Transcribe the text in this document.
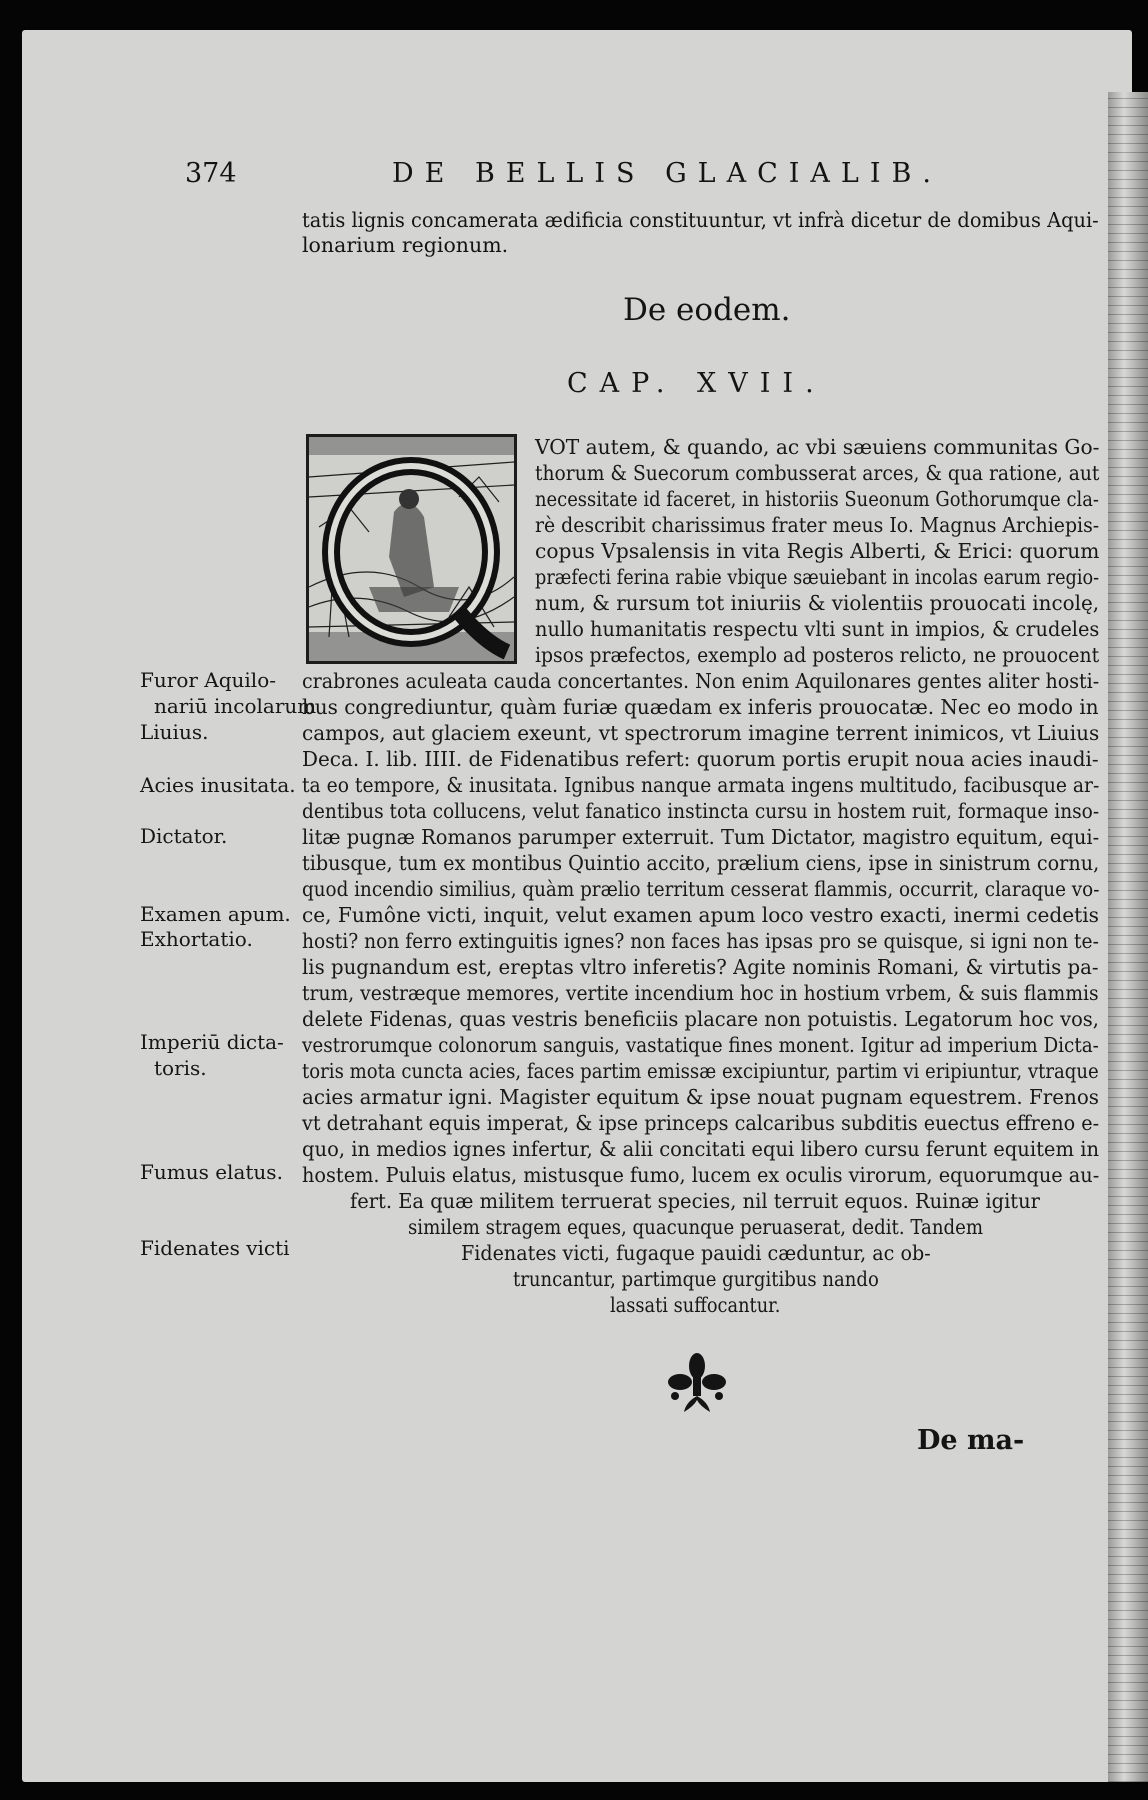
374	DE BELLIS GLACIALIB.
tatis lignis concamerata ædificia constituuntur, vt infrà dicetur de domibus Aqui-
lonarium regionum.
De eodem.
CAP. XVII.
VOT autem, & quando, ac vbi sæuiens communitas Go-
thorum & Suecorum combusserat arces, & qua ratione, aut
necessitate id faceret, in historiis Sueonum Gothorumque cla-
rè describit charissimus frater meus Io. Magnus Archiepis-
copus Vpsalensis in vita Regis Alberti, & Erici: quorum
præfecti ferina rabie vbique sæuiebant in incolas earum regio-
num, & rursum tot iniuriis & violentiis prouocati incolę,
nullo humanitatis respectu vlti sunt in impios, & crudeles
ipsos præfectos, exemplo ad posteros relicto, ne prouocent
crabrones aculeata cauda concertantes. Non enim Aquilonares gentes aliter hosti-
bus congrediuntur, quàm furiæ quædam ex inferis prouocatæ. Nec eo modo in
campos, aut glaciem exeunt, vt spectrorum imagine terrent inimicos, vt Liuius
Deca. I. lib. IIII. de Fidenatibus refert: quorum portis erupit noua acies inaudi-
ta eo tempore, & inusitata. Ignibus nanque armata ingens multitudo, facibusque ar-
dentibus tota collucens, velut fanatico instincta cursu in hostem ruit, formaque inso-
litæ pugnæ Romanos parumper exterruit. Tum Dictator, magistro equitum, equi-
tibusque, tum ex montibus Quintio accito, prælium ciens, ipse in sinistrum cornu,
quod incendio similius, quàm prælio territum cesserat flammis, occurrit, claraque vo-
ce, Fumône victi, inquit, velut examen apum loco vestro exacti, inermi cedetis
hosti? non ferro extinguitis ignes? non faces has ipsas pro se quisque, si igni non te-
lis pugnandum est, ereptas vltro inferetis? Agite nominis Romani, & virtutis pa-
trum, vestræque memores, vertite incendium hoc in hostium vrbem, & suis flammis
delete Fidenas, quas vestris beneficiis placare non potuistis. Legatorum hoc vos,
vestrorumque colonorum sanguis, vastatique fines monent. Igitur ad imperium Dicta-
toris mota cuncta acies, faces partim emissæ excipiuntur, partim vi eripiuntur, vtraque
acies armatur igni. Magister equitum & ipse nouat pugnam equestrem. Frenos
vt detrahant equis imperat, & ipse princeps calcaribus subditis euectus effreno e-
quo, in medios ignes infertur, & alii concitati equi libero cursu ferunt equitem in
hostem. Puluis elatus, mistusque fumo, lucem ex oculis virorum, equorumque au-
fert. Ea quæ militem terruerat species, nil terruit equos. Ruinæ igitur
similem stragem eques, quacunque peruaserat, dedit. Tandem
Fidenates victi, fugaque pauidi cæduntur, ac ob-
truncantur, partimque gurgitibus nando
lassati suffocantur.
Furor Aquilo-
nariū incolarum
Liuius.
Acies inusitata.
Dictator.
Examen apum.
Exhortatio.
Imperiū dicta-
toris.
Fumus elatus.
Fidenates victi
De ma-
